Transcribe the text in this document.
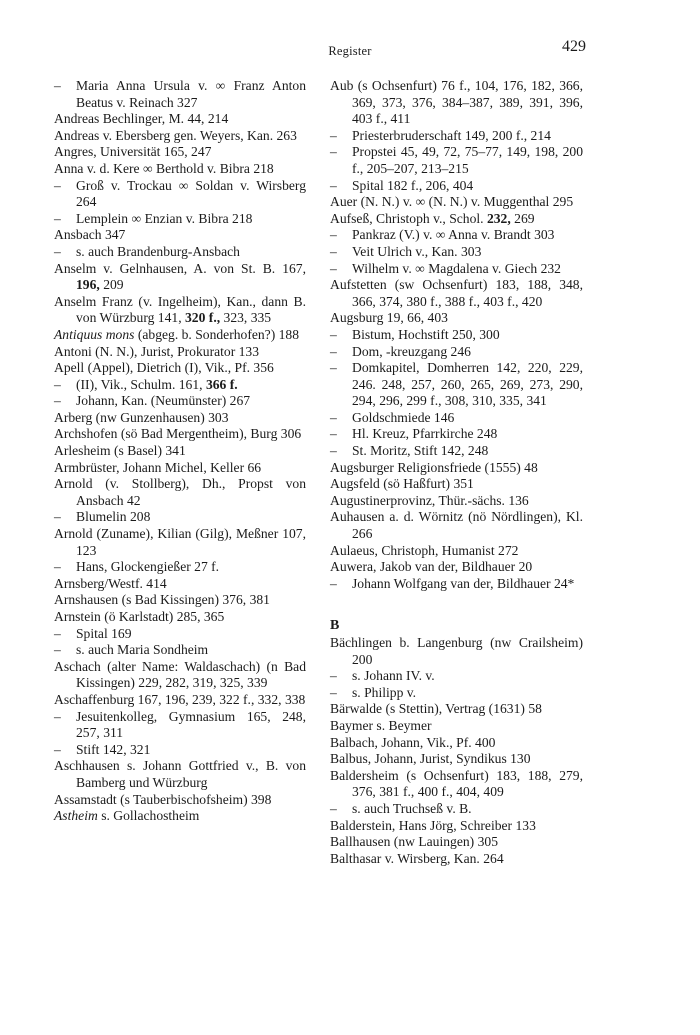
Register	429
– Maria Anna Ursula v. ∞ Franz Anton Beatus v. Reinach 327
Andreas Bechlinger, M. 44, 214
Andreas v. Ebersberg gen. Weyers, Kan. 263
Angres, Universität 165, 247
Anna v. d. Kere ∞ Berthold v. Bibra 218
– Groß v. Trockau ∞ Soldan v. Wirsberg 264
– Lemplein ∞ Enzian v. Bibra 218
Ansbach 347
– s. auch Brandenburg-Ansbach
Anselm v. Gelnhausen, A. von St. B. 167, 196, 209
Anselm Franz (v. Ingelheim), Kan., dann B. von Würzburg 141, 320 f., 323, 335
Antiquus mons (abgeg. b. Sonderhofen?) 188
Antoni (N. N.), Jurist, Prokurator 133
Apell (Appel), Dietrich (I), Vik., Pf. 356
– (II), Vik., Schulm. 161, 366 f.
– Johann, Kan. (Neumünster) 267
Arberg (nw Gunzenhausen) 303
Archshofen (sö Bad Mergentheim), Burg 306
Arlesheim (s Basel) 341
Armbrüster, Johann Michel, Keller 66
Arnold (v. Stollberg), Dh., Propst von Ansbach 42
– Blumelin 208
Arnold (Zuname), Kilian (Gilg), Meßner 107, 123
– Hans, Glockengießer 27 f.
Arnsberg/Westf. 414
Arnshausen (s Bad Kissingen) 376, 381
Arnstein (ö Karlstadt) 285, 365
– Spital 169
– s. auch Maria Sondheim
Aschach (alter Name: Waldaschach) (n Bad Kissingen) 229, 282, 319, 325, 339
Aschaffenburg 167, 196, 239, 322 f., 332, 338
– Jesuitenkolleg, Gymnasium 165, 248, 257, 311
– Stift 142, 321
Aschhausen s. Johann Gottfried v., B. von Bamberg und Würzburg
Assamstadt (s Tauberbischofsheim) 398
Astheim s. Gollachostheim
Aub (s Ochsenfurt) 76 f., 104, 176, 182, 366, 369, 373, 376, 384–387, 389, 391, 396, 403 f., 411
– Priesterbruderschaft 149, 200 f., 214
– Propstei 45, 49, 72, 75–77, 149, 198, 200 f., 205–207, 213–215
– Spital 182 f., 206, 404
Auer (N. N.) v. ∞ (N. N.) v. Muggenthal 295
Aufseß, Christoph v., Schol. 232, 269
– Pankraz (V.) v. ∞ Anna v. Brandt 303
– Veit Ulrich v., Kan. 303
– Wilhelm v. ∞ Magdalena v. Giech 232
Aufstetten (sw Ochsenfurt) 183, 188, 348, 366, 374, 380 f., 388 f., 403 f., 420
Augsburg 19, 66, 403
– Bistum, Hochstift 250, 300
– Dom, -kreuzgang 246
– Domkapitel, Domherren 142, 220, 229, 246. 248, 257, 260, 265, 269, 273, 290, 294, 296, 299 f., 308, 310, 335, 341
– Goldschmiede 146
– Hl. Kreuz, Pfarrkirche 248
– St. Moritz, Stift 142, 248
Augsburger Religionsfriede (1555) 48
Augsfeld (sö Haßfurt) 351
Augustinerprovinz, Thür.-sächs. 136
Auhausen a. d. Wörnitz (nö Nördlingen), Kl. 266
Aulaeus, Christoph, Humanist 272
Auwera, Jakob van der, Bildhauer 20
– Johann Wolfgang van der, Bildhauer 24*
B
Bächlingen b. Langenburg (nw Crailsheim) 200
– s. Johann IV. v.
– s. Philipp v.
Bärwalde (s Stettin), Vertrag (1631) 58
Baymer s. Beymer
Balbach, Johann, Vik., Pf. 400
Balbus, Johann, Jurist, Syndikus 130
Baldersheim (s Ochsenfurt) 183, 188, 279, 376, 381 f., 400 f., 404, 409
– s. auch Truchseß v. B.
Balderstein, Hans Jörg, Schreiber 133
Ballhausen (nw Lauingen) 305
Balthasar v. Wirsberg, Kan. 264
